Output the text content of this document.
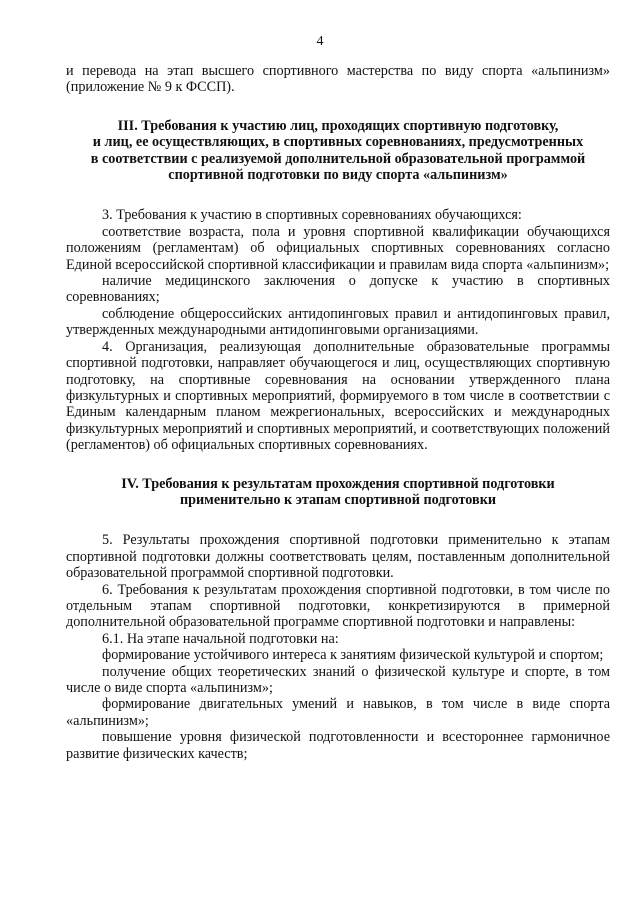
4

и перевода на этап высшего спортивного мастерства по виду спорта «альпинизм»

(приложение № 9 к ФССП).

III. Требования к участию лиц, проходящих спортивную подготовку,

и лиц, ее осуществляющих, в спортивных соревнованиях, предусмотренных

в соответствии с реализуемой дополнительной образовательной программой

спортивной подготовки по виду спорта «альпинизм»

3. Требования к участию в спортивных соревнованиях обучающихся:

соответствие возраста, пола и уровня спортивной квалификации обучающихся положениям (регламентам) об официальных спортивных соревнованиях согласно Единой всероссийской спортивной классификации и правилам вида спорта «альпинизм»;

наличие медицинского заключения о допуске к участию в спортивных соревнованиях;

соблюдение общероссийских антидопинговых правил и антидопинговых правил, утвержденных международными антидопинговыми организациями.

4. Организация, реализующая дополнительные образовательные программы спортивной подготовки, направляет обучающегося и лиц, осуществляющих спортивную подготовку, на спортивные соревнования на основании утвержденного плана физкультурных и спортивных мероприятий, формируемого в том числе в соответствии с Единым календарным планом межрегиональных, всероссийских и международных физкультурных мероприятий и спортивных мероприятий, и соответствующих положений (регламентов) об официальных спортивных соревнованиях.

IV. Требования к результатам прохождения спортивной подготовки

применительно к этапам спортивной подготовки

5. Результаты прохождения спортивной подготовки применительно к этапам спортивной подготовки должны соответствовать целям, поставленным дополнительной образовательной программой спортивной подготовки.

6. Требования к результатам прохождения спортивной подготовки, в том числе по отдельным этапам спортивной подготовки, конкретизируются в примерной дополнительной образовательной программе спортивной подготовки и направлены:

6.1. На этапе начальной подготовки на:

формирование устойчивого интереса к занятиям физической культурой и спортом;

получение общих теоретических знаний о физической культуре и спорте, в том числе о виде спорта «альпинизм»;

формирование двигательных умений и навыков, в том числе в виде спорта «альпинизм»;

повышение уровня физической подготовленности и всестороннее гармоничное развитие физических качеств;
